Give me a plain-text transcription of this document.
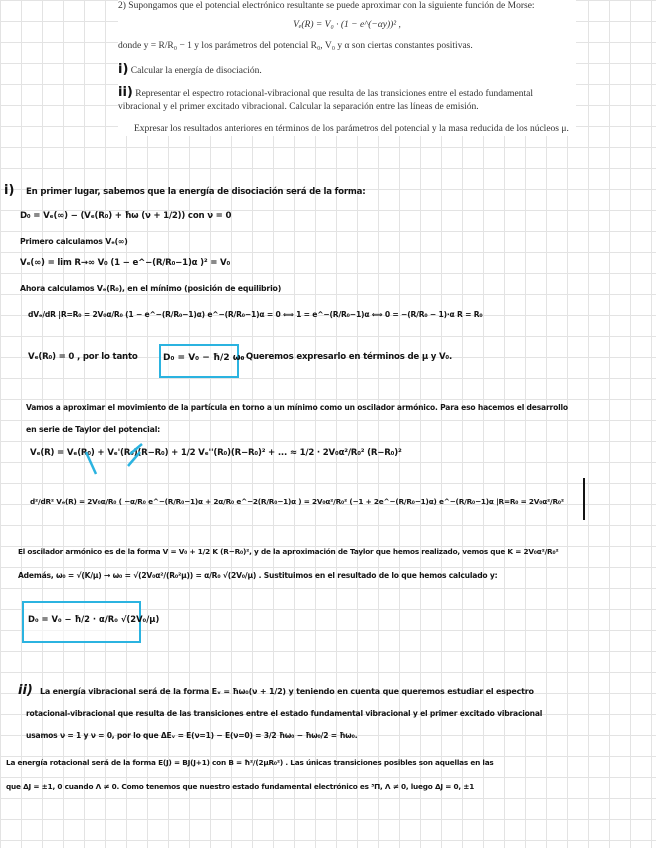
2) Supongamos que el potencial electrónico resultante se puede aproximar con la siguiente función de Morse:

Vₑ(R) = V₀ · (1 − e^(−αy))² ,

donde y = R/R₀ − 1 y los parámetros del potencial R₀, V₀ y α son ciertas constantes positivas.

i) Calcular la energía de disociación.

ii) Representar el espectro rotacional-vibracional que resulta de las transiciones entre el estado fundamental vibracional y el primer excitado vibracional. Calcular la separación entre las líneas de emisión.

Expresar los resultados anteriores en términos de los parámetros del potencial y la masa reducida de los núcleos μ.

i) En primer lugar, sabemos que la energía de disociación será de la forma:
D₀ = Vₑ(∞) − (Vₑ(R₀) + ħω (ν + 1/2)) con ν = 0
Primero calculamos Vₑ(∞)
Vₑ(∞) = lim R→∞ V₀ (1 − e^−(R/R₀−1)α )² = V₀
Ahora calculamos Vₑ(R₀), en el mínimo (posición de equilibrio)
dVₑ/dR |R=R₀ = 2V₀α/R₀ (1 − e^−(R/R₀−1)α) e^−(R/R₀−1)α = 0 ⟺ 1 = e^−(R/R₀−1)α ⟺ 0 = −(R/R₀ − 1)·α R = R₀
Vₑ(R₀) = 0 , por lo tanto	D₀ = V₀ − ħ/2 ω₀
. Queremos expresarlo en términos de μ y V₀.
Vamos a aproximar el movimiento de la partícula en torno a un mínimo como un oscilador armónico. Para eso hacemos el desarrollo
en serie de Taylor del potencial:
Vₑ(R) = Vₑ(R₀) + Vₑ'(R₀)(R−R₀) + 1/2 Vₑ''(R₀)(R−R₀)² + ... ≈ 1/2 · 2V₀α²/R₀² (R−R₀)²
d²/dR² Vₑ(R) = 2V₀α/R₀ ( −α/R₀ e^−(R/R₀−1)α + 2α/R₀ e^−2(R/R₀−1)α ) = 2V₀α²/R₀² (−1 + 2e^−(R/R₀−1)α) e^−(R/R₀−1)α |R=R₀ = 2V₀α²/R₀²
El oscilador armónico es de la forma V = V₀ + 1/2 K (R−R₀)², y de la aproximación de Taylor que hemos realizado, vemos que K = 2V₀α²/R₀²
Además, ω₀ = √(K/μ) → ω₀ = √(2V₀α²/(R₀²μ)) = α/R₀ √(2V₀/μ) . Sustituimos en el resultado de lo que hemos calculado y:
D₀ = V₀ − ħ/2 · α/R₀ √(2V₀/μ)
ii) La energía vibracional será de la forma Eᵥ = ħω₀(ν + 1/2) y teniendo en cuenta que queremos estudiar el espectro
rotacional-vibracional que resulta de las transiciones entre el estado fundamental vibracional y el primer excitado vibracional
usamos ν = 1 y ν = 0, por lo que ΔEᵥ = E(ν=1) − E(ν=0) = 3/2 ħω₀ − ħω₀/2 = ħω₀.
La energía rotacional será de la forma E(J) = BJ(J+1) con B = ħ²/(2μR₀²) . Las únicas transiciones posibles son aquellas en las
que ΔJ = ±1, 0 cuando Λ ≠ 0. Como tenemos que nuestro estado fundamental electrónico es ³Π, Λ ≠ 0, luego ΔJ = 0, ±1
